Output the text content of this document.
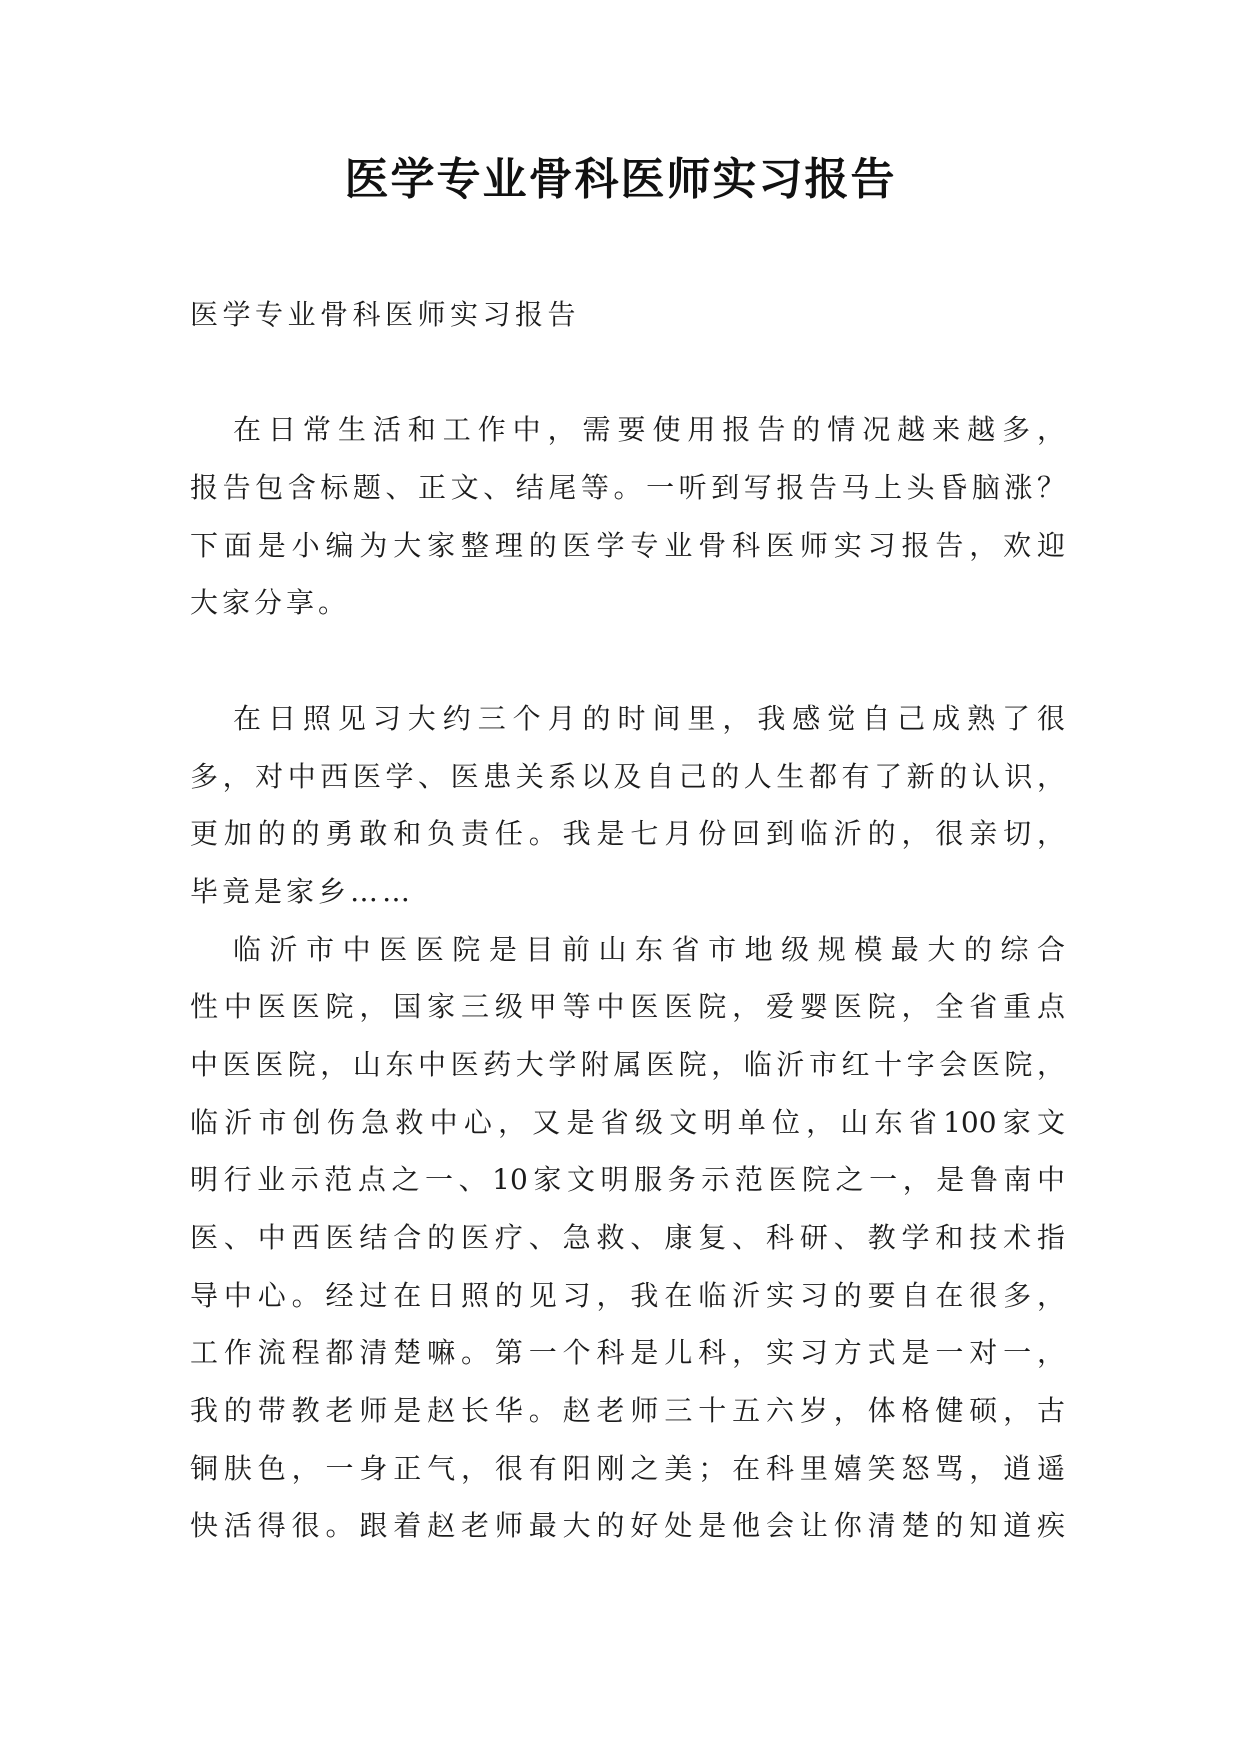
医学专业骨科医师实习报告
医学专业骨科医师实习报告
在日常生活和工作中，需要使用报告的情况越来越多，
报告包含标题、正文、结尾等。一听到写报告马上头昏脑涨？
下面是小编为大家整理的医学专业骨科医师实习报告，欢迎
大家分享。
在日照见习大约三个月的时间里，我感觉自己成熟了很
多，对中西医学、医患关系以及自己的人生都有了新的认识，
更加的的勇敢和负责任。我是七月份回到临沂的，很亲切，
毕竟是家乡……
临沂市中医医院是目前山东省市地级规模最大的综合
性中医医院，国家三级甲等中医医院，爱婴医院，全省重点
中医医院，山东中医药大学附属医院，临沂市红十字会医院，
临沂市创伤急救中心，又是省级文明单位，山东省100家文
明行业示范点之一、10家文明服务示范医院之一，是鲁南中
医、中西医结合的医疗、急救、康复、科研、教学和技术指
导中心。经过在日照的见习，我在临沂实习的要自在很多，
工作流程都清楚嘛。第一个科是儿科，实习方式是一对一，
我的带教老师是赵长华。赵老师三十五六岁，体格健硕，古
铜肤色，一身正气，很有阳刚之美；在科里嬉笑怒骂，逍遥
快活得很。跟着赵老师最大的好处是他会让你清楚的知道疾
